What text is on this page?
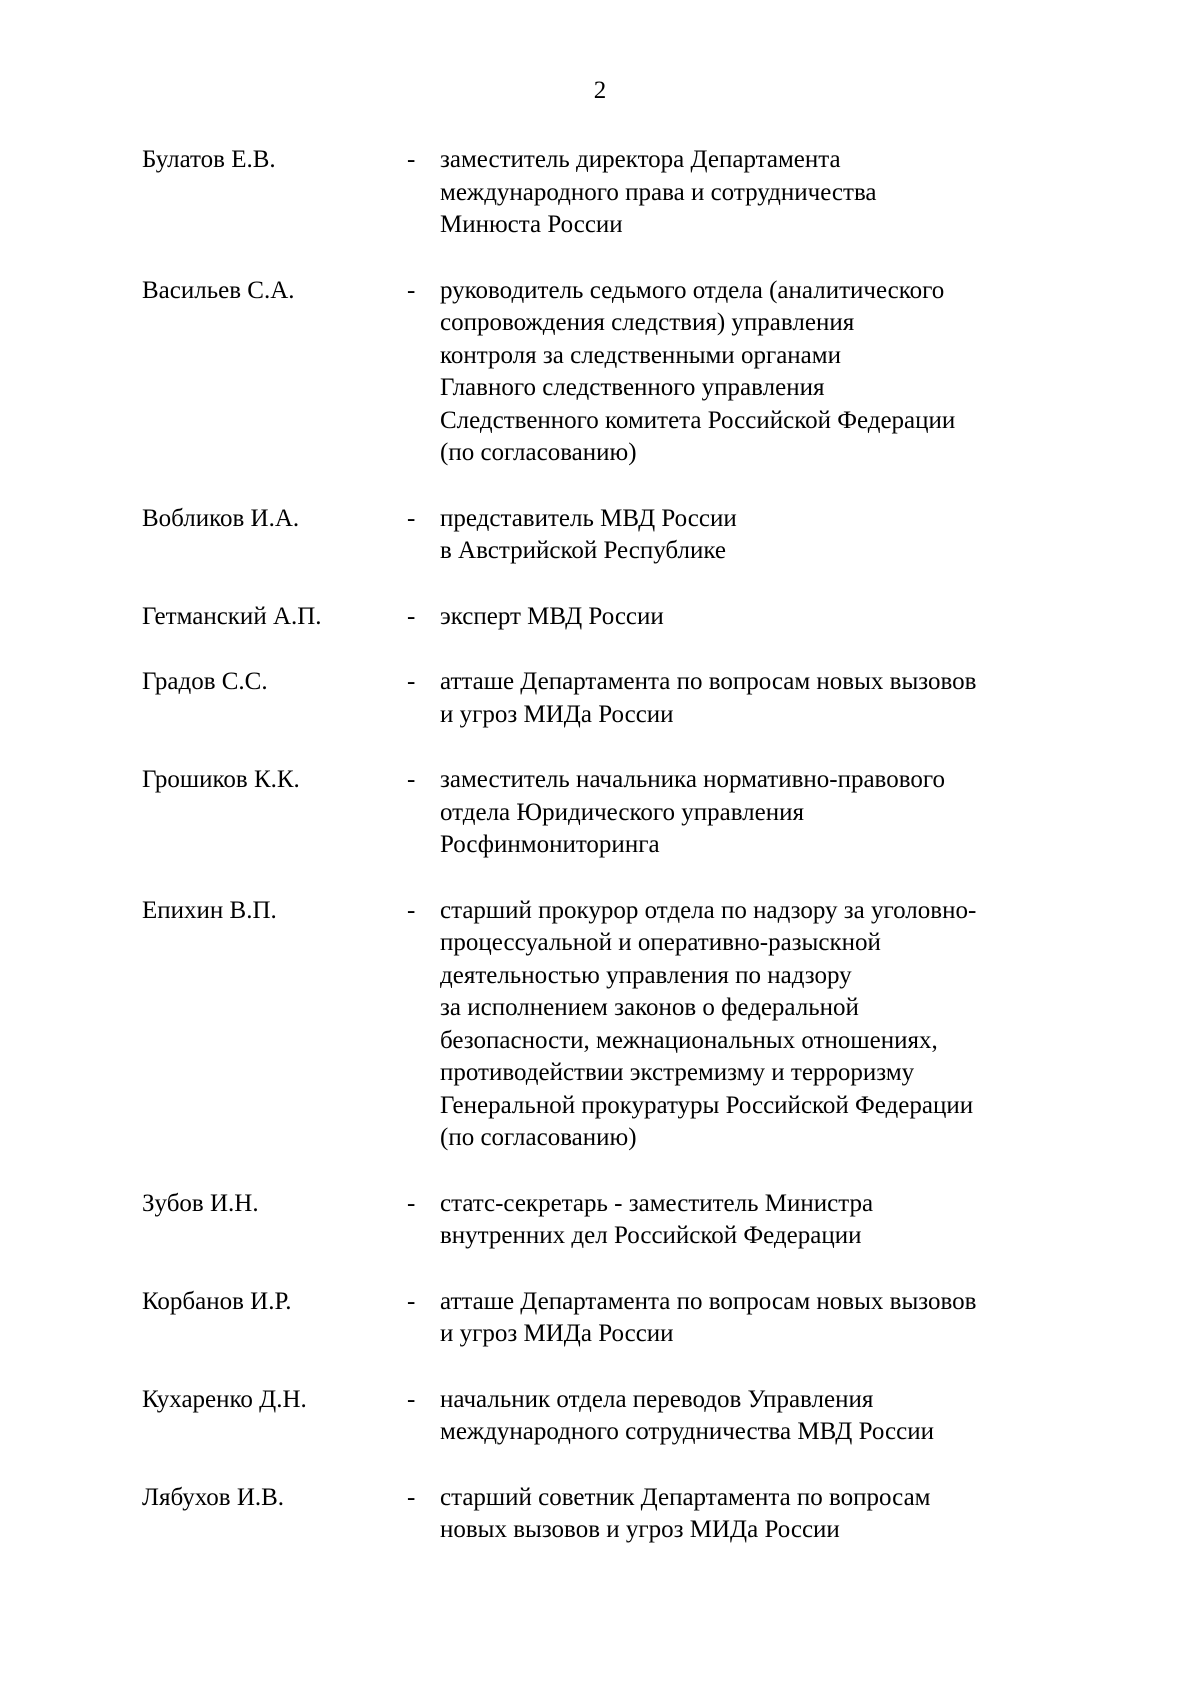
2
Булатов Е.В.	- заместитель директора Департамента
международного права и сотрудничества
Минюста России
Васильев С.А.	- руководитель седьмого отдела (аналитического
сопровождения следствия) управления
контроля за следственными органами
Главного следственного управления
Следственного комитета Российской Федерации
(по согласованию)
Вобликов И.А.	- представитель МВД России
в Австрийской Республике
Гетманский А.П.	- эксперт МВД России
Градов С.С.	- атташе Департамента по вопросам новых вызовов
и угроз МИДа России
Грошиков К.К.	- заместитель начальника нормативно-правового
отдела Юридического управления
Росфинмониторинга
Епихин В.П.	- старший прокурор отдела по надзору за уголовно-
процессуальной и оперативно-разыскной
деятельностью управления по надзору
за исполнением законов о федеральной
безопасности, межнациональных отношениях,
противодействии экстремизму и терроризму
Генеральной прокуратуры Российской Федерации
(по согласованию)
Зубов И.Н.	- статс-секретарь - заместитель Министра
внутренних дел Российской Федерации
Корбанов И.Р.	- атташе Департамента по вопросам новых вызовов
и угроз МИДа России
Кухаренко Д.Н.	- начальник отдела переводов Управления
международного сотрудничества МВД России
Лябухов И.В.	- старший советник Департамента по вопросам
новых вызовов и угроз МИДа России
